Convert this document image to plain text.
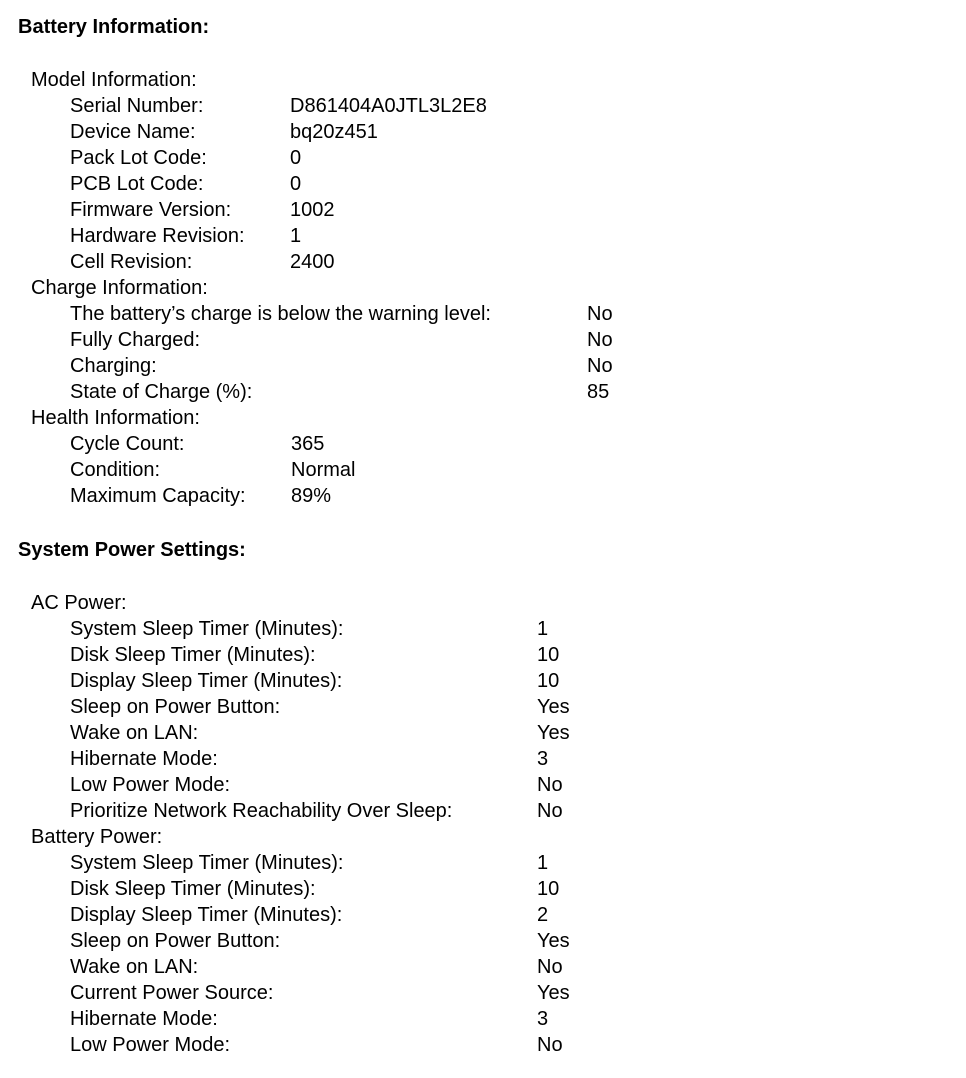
Battery Information:
Model Information:
Serial Number:	D861404A0JTL3L2E8
Device Name:	bq20z451
Pack Lot Code:	0
PCB Lot Code:	0
Firmware Version:	1002
Hardware Revision: 1
Cell Revision:	2400
Charge Information:
The battery’s charge is below the warning level:	No
Fully Charged:	No
Charging:	No
State of Charge (%):	85
Health Information:
Cycle Count:	365
Condition:	Normal
Maximum Capacity: 89%
System Power Settings:
AC Power:
System Sleep Timer (Minutes):	1
Disk Sleep Timer (Minutes):	10
Display Sleep Timer (Minutes):	10
Sleep on Power Button:	Yes
Wake on LAN:	Yes
Hibernate Mode:	3
Low Power Mode:	No
Prioritize Network Reachability Over Sleep:	No
Battery Power:
System Sleep Timer (Minutes):	1
Disk Sleep Timer (Minutes):	10
Display Sleep Timer (Minutes):	2
Sleep on Power Button:	Yes
Wake on LAN:	No
Current Power Source:	Yes
Hibernate Mode:	3
Low Power Mode:	No
